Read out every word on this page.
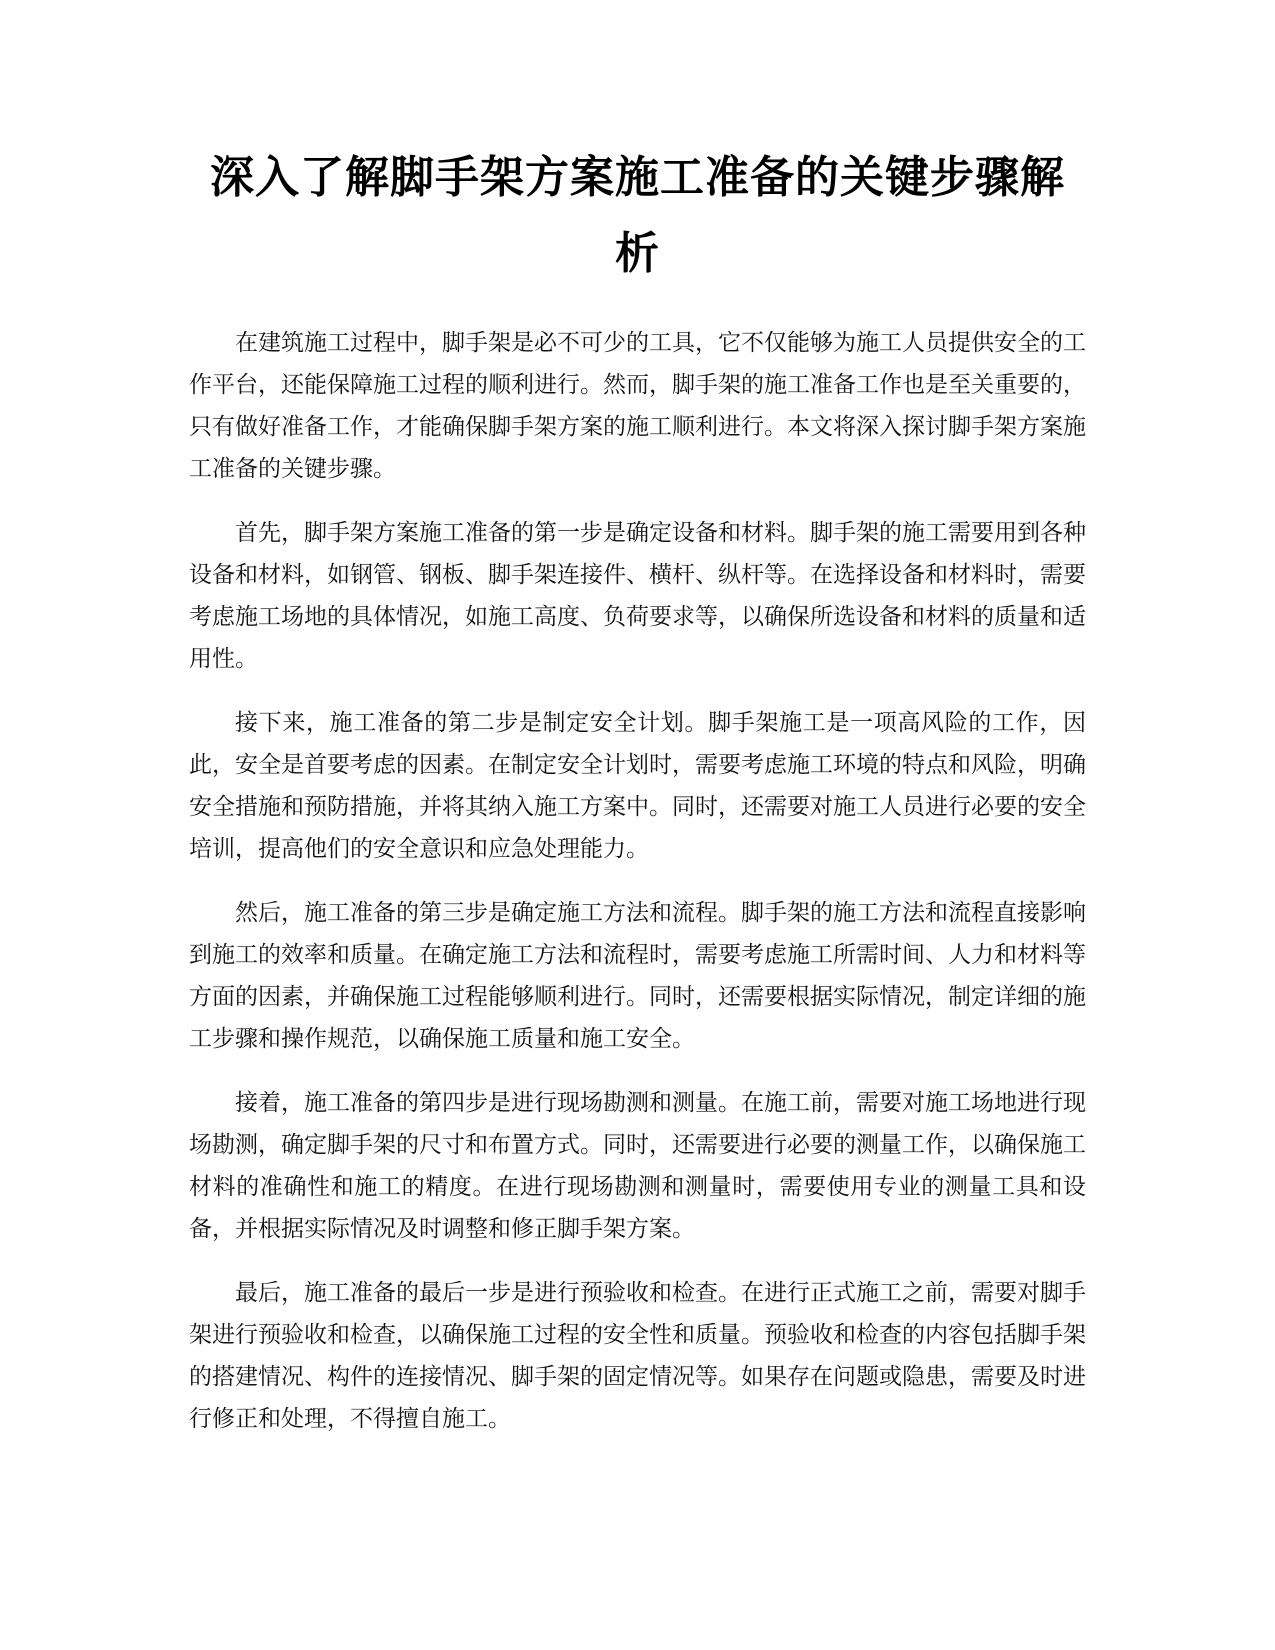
深入了解脚手架方案施工准备的关键步骤解析

在建筑施工过程中，脚手架是必不可少的工具，它不仅能够为施工人员提供安全的工作平台，还能保障施工过程的顺利进行。然而，脚手架的施工准备工作也是至关重要的，只有做好准备工作，才能确保脚手架方案的施工顺利进行。本文将深入探讨脚手架方案施工准备的关键步骤。

首先，脚手架方案施工准备的第一步是确定设备和材料。脚手架的施工需要用到各种设备和材料，如钢管、钢板、脚手架连接件、横杆、纵杆等。在选择设备和材料时，需要考虑施工场地的具体情况，如施工高度、负荷要求等，以确保所选设备和材料的质量和适用性。

接下来，施工准备的第二步是制定安全计划。脚手架施工是一项高风险的工作，因此，安全是首要考虑的因素。在制定安全计划时，需要考虑施工环境的特点和风险，明确安全措施和预防措施，并将其纳入施工方案中。同时，还需要对施工人员进行必要的安全培训，提高他们的安全意识和应急处理能力。

然后，施工准备的第三步是确定施工方法和流程。脚手架的施工方法和流程直接影响到施工的效率和质量。在确定施工方法和流程时，需要考虑施工所需时间、人力和材料等方面的因素，并确保施工过程能够顺利进行。同时，还需要根据实际情况，制定详细的施工步骤和操作规范，以确保施工质量和施工安全。

接着，施工准备的第四步是进行现场勘测和测量。在施工前，需要对施工场地进行现场勘测，确定脚手架的尺寸和布置方式。同时，还需要进行必要的测量工作，以确保施工材料的准确性和施工的精度。在进行现场勘测和测量时，需要使用专业的测量工具和设备，并根据实际情况及时调整和修正脚手架方案。

最后，施工准备的最后一步是进行预验收和检查。在进行正式施工之前，需要对脚手架进行预验收和检查，以确保施工过程的安全性和质量。预验收和检查的内容包括脚手架的搭建情况、构件的连接情况、脚手架的固定情况等。如果存在问题或隐患，需要及时进行修正和处理，不得擅自施工。
